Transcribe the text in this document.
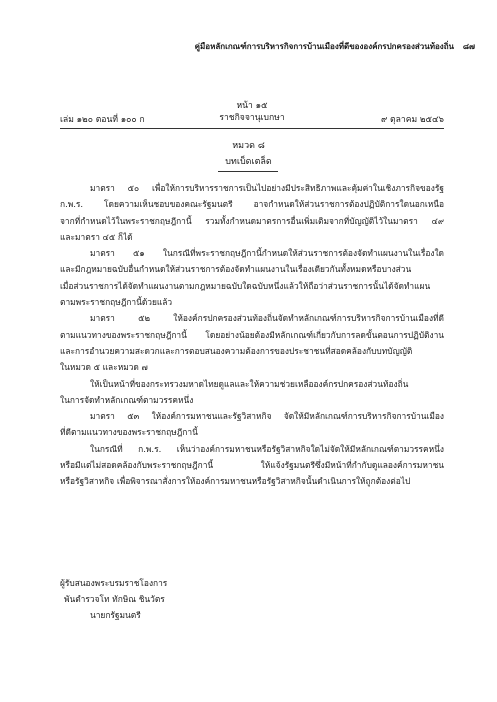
คู่มือหลักเกณฑ์การบริหารกิจการบ้านเมืองที่ดีขององค์กรปกครองส่วนท้องถิ่น ๘๗
หน้า ๑๕
ราชกิจจานุเบกษา
เล่ม ๑๒๐ ตอนที่ ๑๐๐ ก	๙ ตุลาคม ๒๕๔๖
หมวด ๘
บทเบ็ดเตล็ด
มาตรา ๕๐ เพื่อให้การบริหารราชการเป็นไปอย่างมีประสิทธิภาพและคุ้มค่าในเชิงภารกิจของรัฐ
ก.พ.ร. โดยความเห็นชอบของคณะรัฐมนตรี อาจกำหนดให้ส่วนราชการต้องปฏิบัติการใดนอกเหนือ
จากที่กำหนดไว้ในพระราชกฤษฎีกานี้ รวมทั้งกำหนดมาตรการอื่นเพิ่มเติมจากที่บัญญัติไว้ในมาตรา ๔๙
และมาตรา ๔๕ ก็ได้
มาตรา ๕๑ ในกรณีที่พระราชกฤษฎีกานี้กำหนดให้ส่วนราชการต้องจัดทำแผนงานในเรื่องใด
และมีกฎหมายฉบับอื่นกำหนดให้ส่วนราชการต้องจัดทำแผนงานในเรื่องเดียวกันทั้งหมดหรือบางส่วน
เมื่อส่วนราชการได้จัดทำแผนงานตามกฎหมายฉบับใดฉบับหนึ่งแล้วให้ถือว่าส่วนราชการนั้นได้จัดทำแผน
ตามพระราชกฤษฎีกานี้ด้วยแล้ว
มาตรา ๕๒ ให้องค์กรปกครองส่วนท้องถิ่นจัดทำหลักเกณฑ์การบริหารกิจการบ้านเมืองที่ดี
ตามแนวทางของพระราชกฤษฎีกานี้ โดยอย่างน้อยต้องมีหลักเกณฑ์เกี่ยวกับการลดขั้นตอนการปฏิบัติงาน
และการอำนวยความสะดวกและการตอบสนองความต้องการของประชาชนที่สอดคล้องกับบทบัญญัติ
ในหมวด ๕ และหมวด ๗
ให้เป็นหน้าที่ของกระทรวงมหาดไทยดูแลและให้ความช่วยเหลือองค์กรปกครองส่วนท้องถิ่น
ในการจัดทำหลักเกณฑ์ตามวรรคหนึ่ง
มาตรา ๕๓ ให้องค์การมหาชนและรัฐวิสาหกิจ จัดให้มีหลักเกณฑ์การบริหารกิจการบ้านเมือง
ที่ดีตามแนวทางของพระราชกฤษฎีกานี้
ในกรณีที่ ก.พ.ร. เห็นว่าองค์การมหาชนหรือรัฐวิสาหกิจใดไม่จัดให้มีหลักเกณฑ์ตามวรรคหนึ่ง
หรือมีแต่ไม่สอดคล้องกับพระราชกฤษฎีกานี้ ให้แจ้งรัฐมนตรีซึ่งมีหน้าที่กำกับดูแลองค์การมหาชน
หรือรัฐวิสาหกิจ เพื่อพิจารณาสั่งการให้องค์การมหาชนหรือรัฐวิสาหกิจนั้นดำเนินการให้ถูกต้องต่อไป
ผู้รับสนองพระบรมราชโองการ
พันตำรวจโท ทักษิณ ชินวัตร
นายกรัฐมนตรี
